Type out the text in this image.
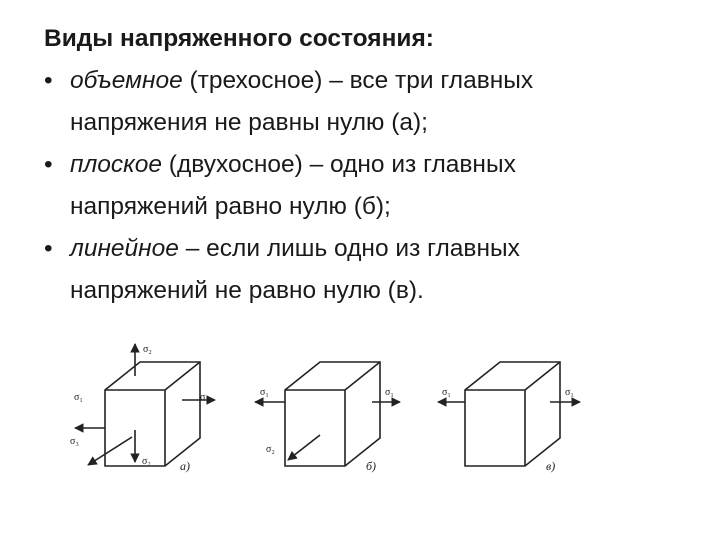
Виды напряженного состояния:
• объемное (трехосное) – все три главных
напряжения не равны нулю (а);
• плоское (двухосное) – одно из главных
напряжений равно нулю (б);
• линейное – если лишь одно из главных
напряжений не равно нулю (в).
σ₂
σ₁	σ₁
σ₂
σ₃
а)
σ₁	σ₁
σ₂
б)
σ₁	σ₁
в)
